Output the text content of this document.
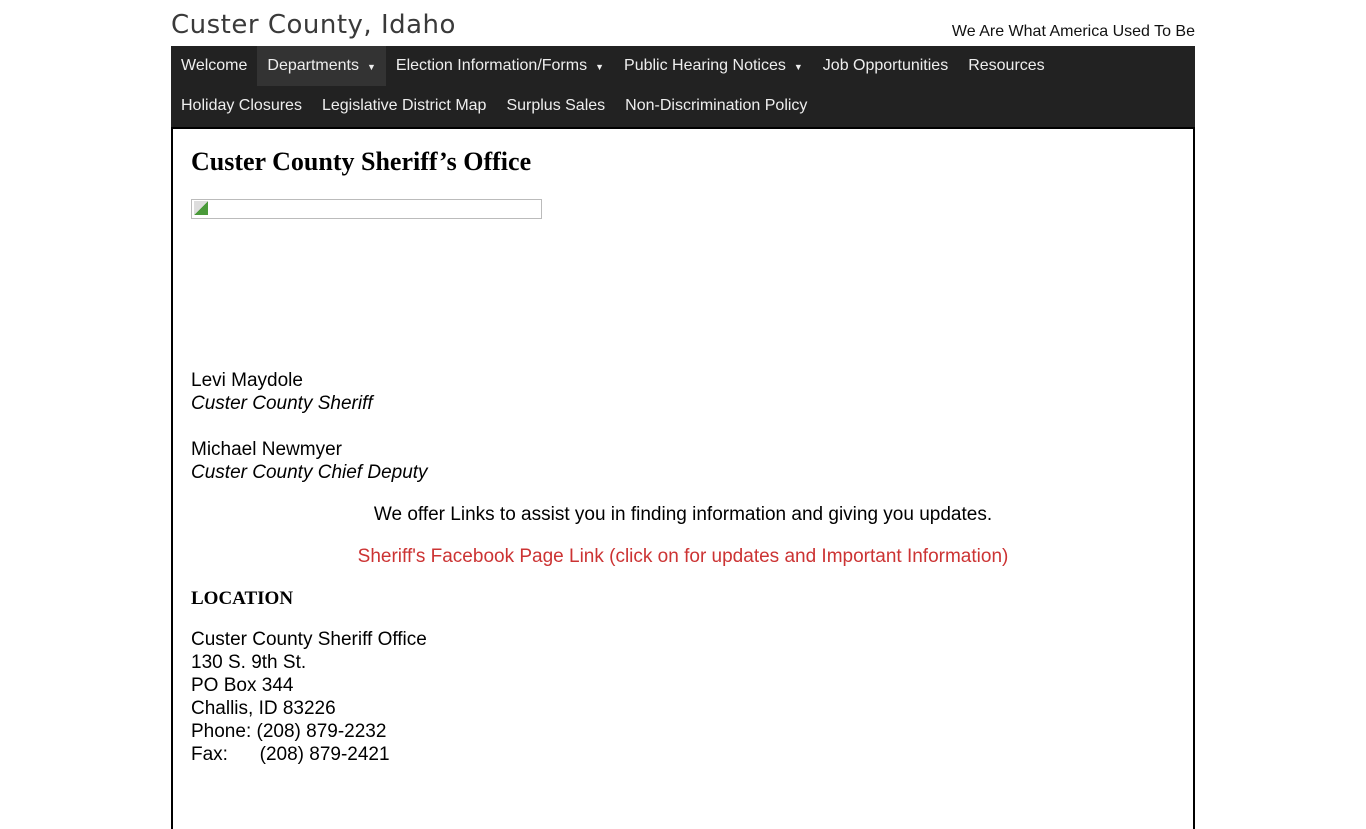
Custer County, Idaho	We Are What America Used To Be
Welcome	Departments ▼	Election Information/Forms ▼	Public Hearing Notices ▼	Job Opportunities	Resources
Holiday Closures	Legislative District Map	Surplus Sales	Non-Discrimination Policy
Custer County Sheriff’s Office
Levi Maydole
Custer County Sheriff
Michael Newmyer
Custer County Chief Deputy
We offer Links to assist you in finding information and giving you updates.
Sheriff's Facebook Page Link (click on for updates and Important Information)
LOCATION
Custer County Sheriff Office
130 S. 9th St.
PO Box 344
Challis, ID 83226
Phone: (208) 879-2232
Fax:      (208) 879-2421
